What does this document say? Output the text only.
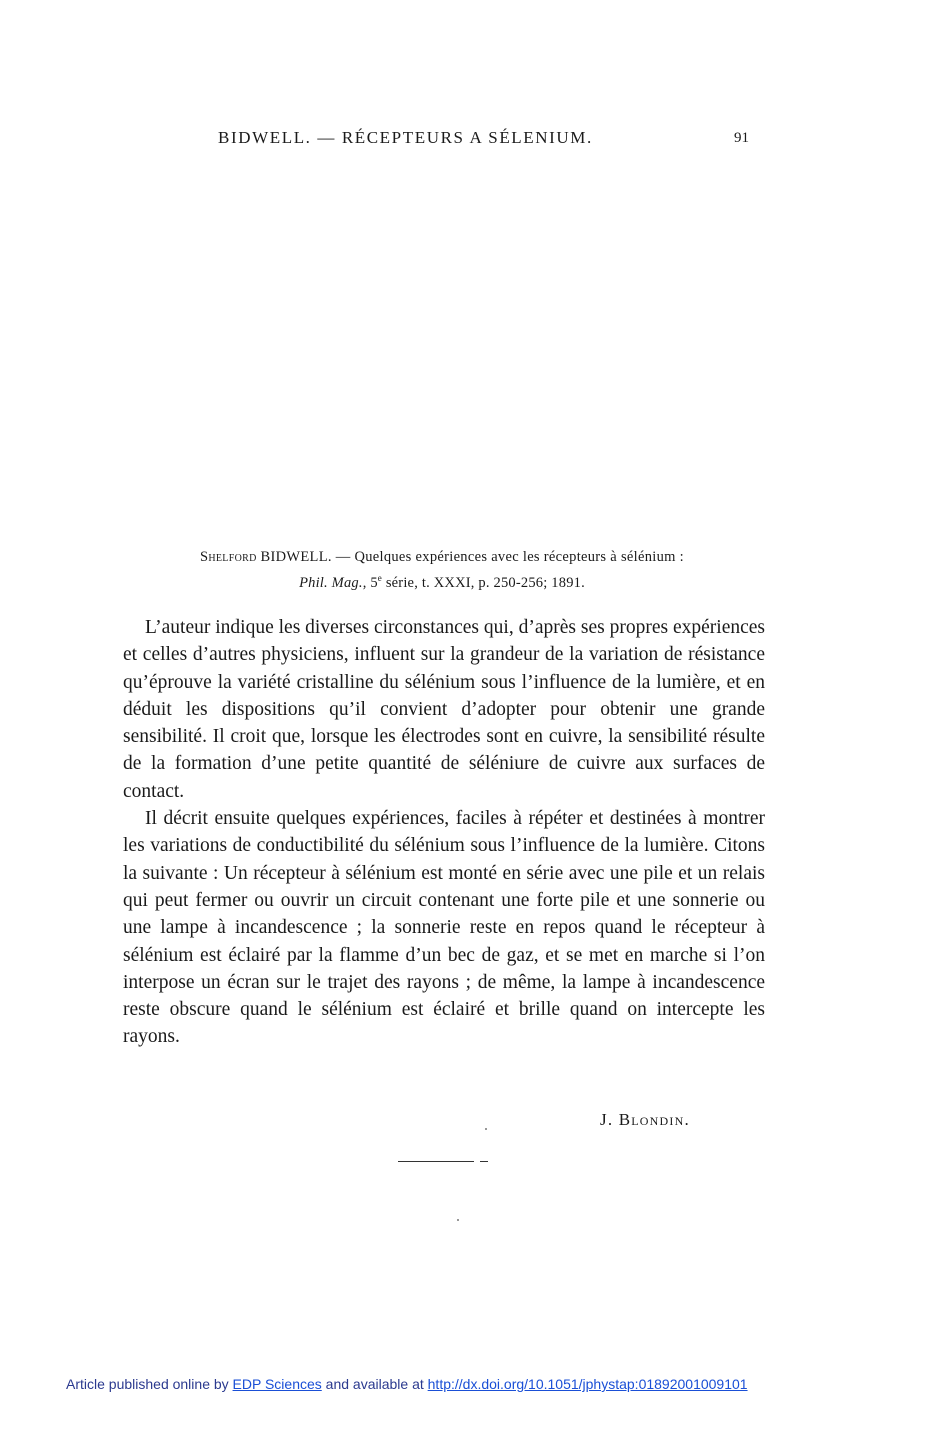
BIDWELL. — RÉCEPTEURS A SÉLENIUM.	91
Shelford BIDWELL. — Quelques expériences avec les récepteurs à sélénium :
Phil. Mag., 5e série, t. XXXI, p. 250-256; 1891.

L’auteur indique les diverses circonstances qui, d’après ses propres expériences et celles d’autres physiciens, influent sur la grandeur de la variation de résistance qu’éprouve la variété cristalline du sélénium sous l’influence de la lumière, et en déduit les dispositions qu’il convient d’adopter pour obtenir une grande sensibilité. Il croit que, lorsque les électrodes sont en cuivre, la sensibilité résulte de la formation d’une petite quantité de séléniure de cuivre aux surfaces de contact.

Il décrit ensuite quelques expériences, faciles à répéter et destinées à montrer les variations de conductibilité du sélénium sous l’influence de la lumière. Citons la suivante : Un récepteur à sélénium est monté en série avec une pile et un relais qui peut fermer ou ouvrir un circuit contenant une forte pile et une sonnerie ou une lampe à incandescence ; la sonnerie reste en repos quand le récepteur à sélénium est éclairé par la flamme d’un bec de gaz, et se met en marche si l’on interpose un écran sur le trajet des rayons ; de même, la lampe à incandescence reste obscure quand le sélénium est éclairé et brille quand on intercepte les rayons.

J. Blondin.
Article published online by EDP Sciences and available at http://dx.doi.org/10.1051/jphystap:01892001009101
